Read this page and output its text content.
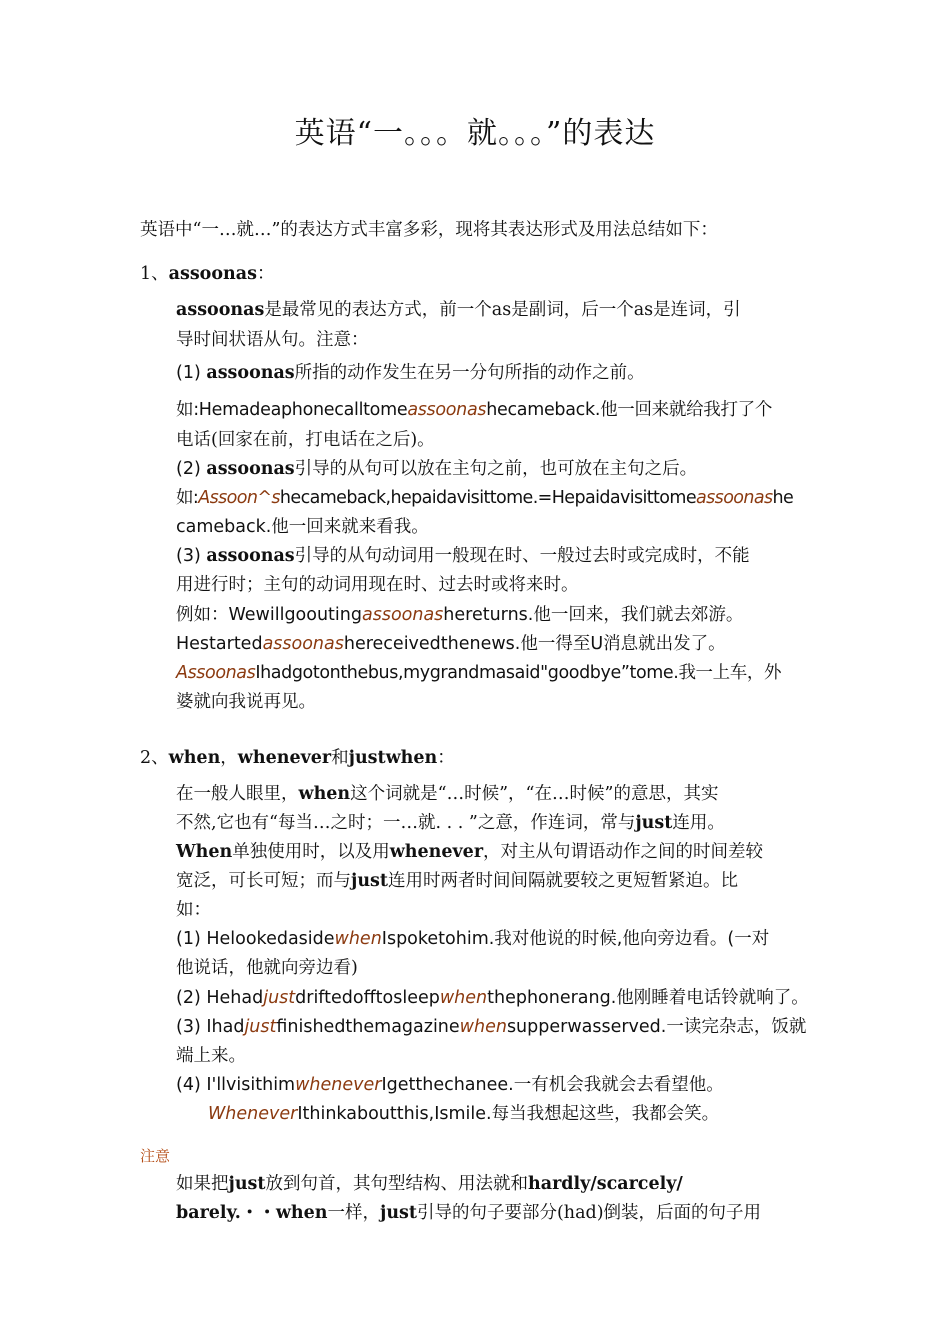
英语“一。。。就。。。”的表达
英语中“一…就…”的表达方式丰富多彩，现将其表达形式及用法总结如下：
1、assoonas：
assoonas是最常见的表达方式，前一个as是副词，后一个as是连词，引
导时间状语从句。注意：
(1) assoonas所指的动作发生在另一分句所指的动作之前。
如:Hemadeaphonecalltomeassoonashecameback.他一回来就给我打了个
电话(回家在前，打电话在之后)。
(2) assoonas引导的从句可以放在主句之前，也可放在主句之后。
如:Assoon^shecameback,hepaidavisittome.=Hepaidavisittomeassoonashe
cameback.他一回来就来看我。
(3) assoonas引导的从句动词用一般现在时、一般过去时或完成时，不能
用进行时；主句的动词用现在时、过去时或将来时。
例如：Wewillgooutingassoonashereturns.他一回来，我们就去郊游。
Hestartedassoonashereceivedthenews.他一得至U消息就出发了。
AssoonasIhadgotonthebus,mygrandmasaid"goodbye”tome.我一上车，外
婆就向我说再见。
2、when，whenever和justwhen：
在一般人眼里，when这个词就是“…时候”，“在…时候”的意思，其实
不然,它也有“每当…之时；一…就. . . ”之意，作连词，常与just连用。
When单独使用时，以及用whenever，对主从句谓语动作之间的时间差较
宽泛，可长可短；而与just连用时两者时间间隔就要较之更短暂紧迫。比
如：
(1) HelookedasidewhenIspoketohim.我对他说的时候,他向旁边看。(一对
他说话，他就向旁边看)
(2) Hehadjustdriftedofftosleepwhenthephonerang.他刚睡着电话铃就响了。
(3) Ihadjustfinishedthemagazinewhensupperwasserved.一读完杂志，饭就
端上来。
(4) I'llvisithimwheneverIgetthechanee.一有机会我就会去看望他。
WheneverIthinkaboutthis,Ismile.每当我想起这些，我都会笑。
注意
如果把just放到句首，其句型结构、用法就和hardly/scarcely/
barely.・・when一样，just引导的句子要部分(had)倒装，后面的句子用
